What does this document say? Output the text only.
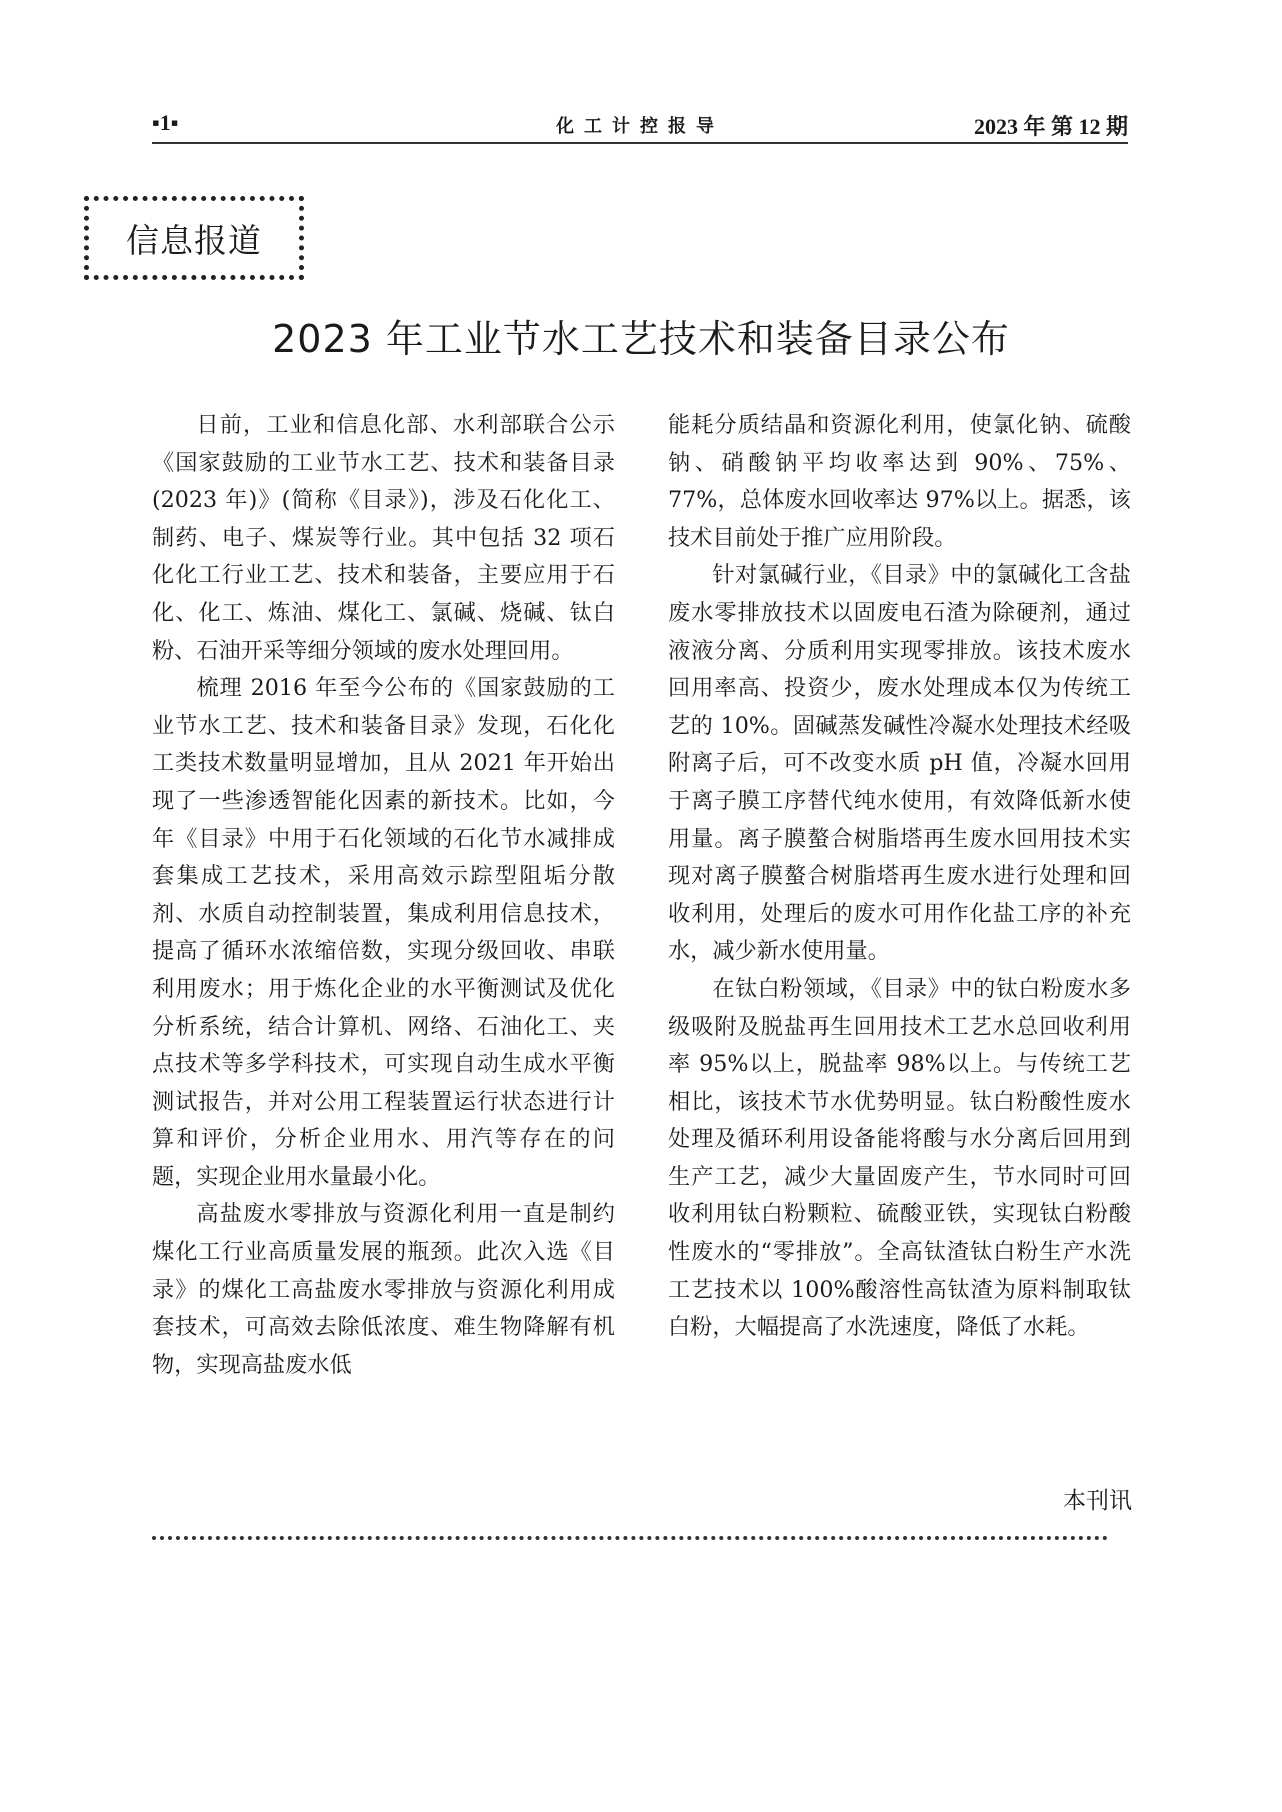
▪1▪	化工计控报导	2023 年 第 12 期
信息报道
2023 年工业节水工艺技术和装备目录公布

日前，工业和信息化部、水利部联合公示《国家鼓励的工业节水工艺、技术和装备目录(2023 年)》(简称《目录》)，涉及石化化工、制药、电子、煤炭等行业。其中包括 32 项石化化工行业工艺、技术和装备，主要应用于石化、化工、炼油、煤化工、氯碱、烧碱、钛白粉、石油开采等细分领域的废水处理回用。

梳理 2016 年至今公布的《国家鼓励的工业节水工艺、技术和装备目录》发现，石化化工类技术数量明显增加，且从 2021 年开始出现了一些渗透智能化因素的新技术。比如，今年《目录》中用于石化领域的石化节水减排成套集成工艺技术，采用高效示踪型阻垢分散剂、水质自动控制装置，集成利用信息技术，提高了循环水浓缩倍数，实现分级回收、串联利用废水；用于炼化企业的水平衡测试及优化分析系统，结合计算机、网络、石油化工、夹点技术等多学科技术，可实现自动生成水平衡测试报告，并对公用工程装置运行状态进行计算和评价，分析企业用水、用汽等存在的问题，实现企业用水量最小化。

高盐废水零排放与资源化利用一直是制约煤化工行业高质量发展的瓶颈。此次入选《目录》的煤化工高盐废水零排放与资源化利用成套技术，可高效去除低浓度、难生物降解有机物，实现高盐废水低

能耗分质结晶和资源化利用，使氯化钠、硫酸钠、硝酸钠平均收率达到 90%、75%、77%，总体废水回收率达 97%以上。据悉，该技术目前处于推广应用阶段。

针对氯碱行业，《目录》中的氯碱化工含盐废水零排放技术以固废电石渣为除硬剂，通过液液分离、分质利用实现零排放。该技术废水回用率高、投资少，废水处理成本仅为传统工艺的 10%。固碱蒸发碱性冷凝水处理技术经吸附离子后，可不改变水质 pH 值，冷凝水回用于离子膜工序替代纯水使用，有效降低新水使用量。离子膜螯合树脂塔再生废水回用技术实现对离子膜螯合树脂塔再生废水进行处理和回收利用，处理后的废水可用作化盐工序的补充水，减少新水使用量。

在钛白粉领域，《目录》中的钛白粉废水多级吸附及脱盐再生回用技术工艺水总回收利用率 95%以上，脱盐率 98%以上。与传统工艺相比，该技术节水优势明显。钛白粉酸性废水处理及循环利用设备能将酸与水分离后回用到生产工艺，减少大量固废产生，节水同时可回收利用钛白粉颗粒、硫酸亚铁，实现钛白粉酸性废水的“零排放”。全高钛渣钛白粉生产水洗工艺技术以 100%酸溶性高钛渣为原料制取钛白粉，大幅提高了水洗速度，降低了水耗。

本刊讯
